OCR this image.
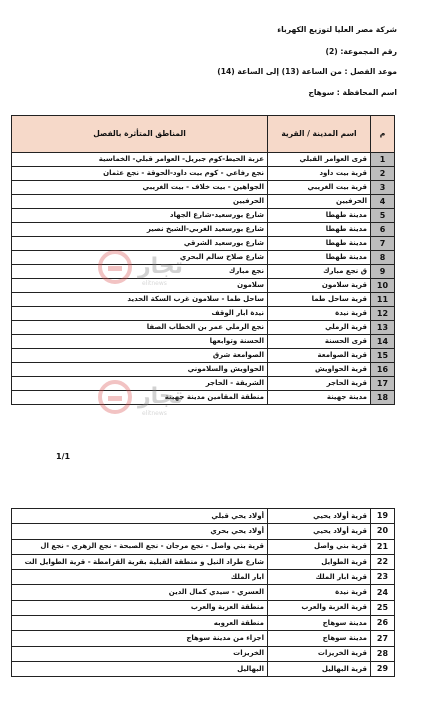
شركة مصر العليا لتوزيع الكهرباء
رقم المجموعة: (2)
موعد الفصل : من الساعة (13) إلى الساعة (14)
اسم المحافظة : سوهاج
م	اسم المدينة / القرية	المناطق المتأثرة بالفصل
1	قرى العوامر القبلي	عزبة الحيط-كوم جبريل- العوامر قبلي- الخماسية
2	قرية بيت داود	نجع رفاعي - كوم بيت داود-الحوقة - نجع عثمان
3	قرية بيت الغريبي	الجواهين - بيت خلاف - بيت الغريبي
4	الحرفيين	الحرفيين
5	مدينة طهطا	شارع بورسعيد-شارع الجهاد
6	مدينة طهطا	شارع بورسعيد الغربي-الشيخ نصير
7	مدينة طهطا	شارع بورسعيد الشرقي
8	مدينة طهطا	شارع صلاح سالم البحري
9	ق نجع مبارك	نجع مبارك
10	قرية سلامون	سلامون
11	قرية ساحل طما	ساحل طما - سلامون غرب السكة الحديد
12	قرية نيدة	نيدة ابار الوقف
13	قرية الرملي	نجع الرملي عمر بن الخطاب الصفا
14	قرى الحسنة	الحسنة وتوابعها
15	قرية الصوامعة	الصوامعة شرق
16	قرية الحواويش	الحواويش والسلاموني
17	قرية الحاجر	الشريقة - الحاجر
18	مدينة جهينة	منطقة المقامين مدينة جهينة
1/1
19	قرية أولاد يحيي	أولاد يحي قبلي
20	قرية أولاد يحيي	أولاد يحي بحري
21	قرية بني واصل	قرية بني واصل - نجع مرجان - نجع الصبحة - نجع الزهري - نجع ال
22	قرية الطوايل	شارع طراد النيل و منطقة القبلية بقرية القرامطة - قرية الطوايل الت
23	قرية ابار الملك	ابار الملك
24	قرية نيدة	العسري - سيدي كمال الدين
25	قرية العزبة والعرب	منطقة العزبة والعرب
26	مدينة سوهاج	منطقة العروبه
27	مدينة سوهاج	اجزاء من مدينة سوهاج
28	قرية الخريزات	الخريزات
29	قرية البهاليل	البهاليل
تجار
elitnews
تجار
elitnews
